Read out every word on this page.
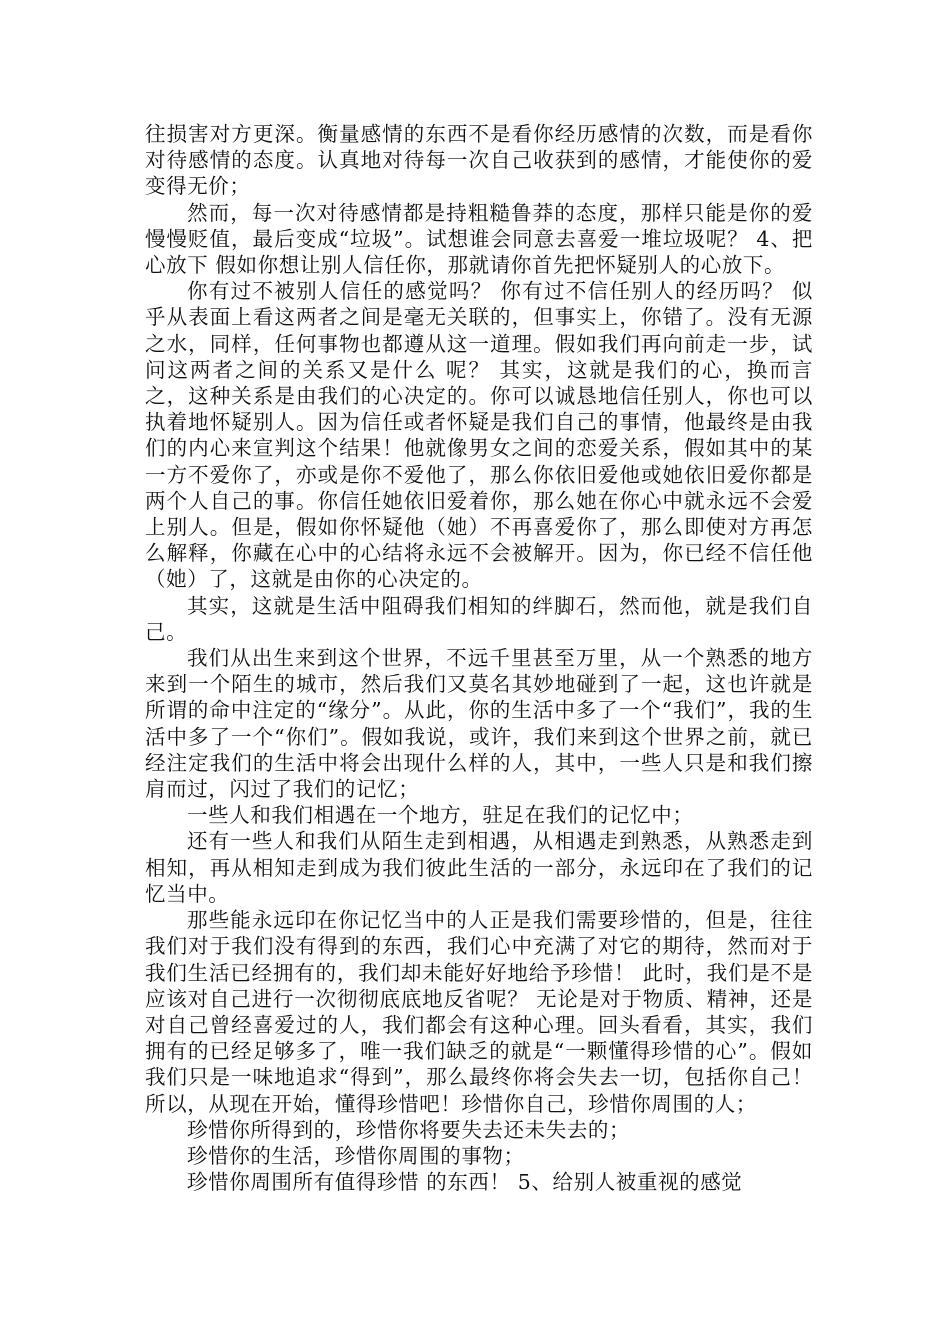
往损害对方更深。衡量感情的东西不是看你经历感情的次数，而是看你对待感情的态度。认真地对待每一次自己收获到的感情，才能使你的爱变得无价；

然而，每一次对待感情都是持粗糙鲁莽的态度，那样只能是你的爱慢慢贬值，最后变成“垃圾”。试想谁会同意去喜爱一堆垃圾呢？ 4、把心放下 假如你想让别人信任你，那就请你首先把怀疑别人的心放下。

你有过不被别人信任的感觉吗？ 你有过不信任别人的经历吗？ 似乎从表面上看这两者之间是毫无关联的，但事实上，你错了。没有无源之水，同样，任何事物也都遵从这一道理。假如我们再向前走一步，试问这两者之间的关系又是什么 呢？ 其实，这就是我们的心，换而言之，这种关系是由我们的心决定的。你可以诚恳地信任别人，你也可以执着地怀疑别人。因为信任或者怀疑是我们自己的事情，他最终是由我们的内心来宣判这个结果！他就像男女之间的恋爱关系，假如其中的某一方不爱你了，亦或是你不爱他了，那么你依旧爱他或她依旧爱你都是两个人自己的事。你信任她依旧爱着你，那么她在你心中就永远不会爱上别人。但是，假如你怀疑他（她）不再喜爱你了，那么即使对方再怎么解释，你藏在心中的心结将永远不会被解开。因为，你已经不信任他（她）了，这就是由你的心决定的。

其实，这就是生活中阻碍我们相知的绊脚石，然而他，就是我们自己。

我们从出生来到这个世界，不远千里甚至万里，从一个熟悉的地方来到一个陌生的城市，然后我们又莫名其妙地碰到了一起，这也许就是所谓的命中注定的“缘分”。从此，你的生活中多了一个“我们”，我的生活中多了一个“你们”。假如我说，或许，我们来到这个世界之前，就已经注定我们的生活中将会出现什么样的人，其中，一些人只是和我们擦 肩而过，闪过了我们的记忆；

一些人和我们相遇在一个地方，驻足在我们的记忆中；

还有一些人和我们从陌生走到相遇，从相遇走到熟悉，从熟悉走到相知，再从相知走到成为我们彼此生活的一部分，永远印在了我们的记忆当中。

那些能永远印在你记忆当中的人正是我们需要珍惜的，但是，往往我们对于我们没有得到的东西，我们心中充满了对它的期待，然而对于我们生活已经拥有的，我们却未能好好地给予珍惜！ 此时，我们是不是应该对自己进行一次彻彻底底地反省呢？ 无论是对于物质、精神，还是对自己曾经喜爱过的人，我们都会有这种心理。回头看看，其实，我们拥有的已经足够多了，唯一我们缺乏的就是“一颗懂得珍惜的心”。假如我们只是一味地追求“得到”，那么最终你将会失去一切，包括你自己！ 所以，从现在开始，懂得珍惜吧！珍惜你自己，珍惜你周围的人；

珍惜你所得到的，珍惜你将要失去还未失去的；

珍惜你的生活，珍惜你周围的事物；

珍惜你周围所有值得珍惜 的东西！ 5、给别人被重视的感觉
